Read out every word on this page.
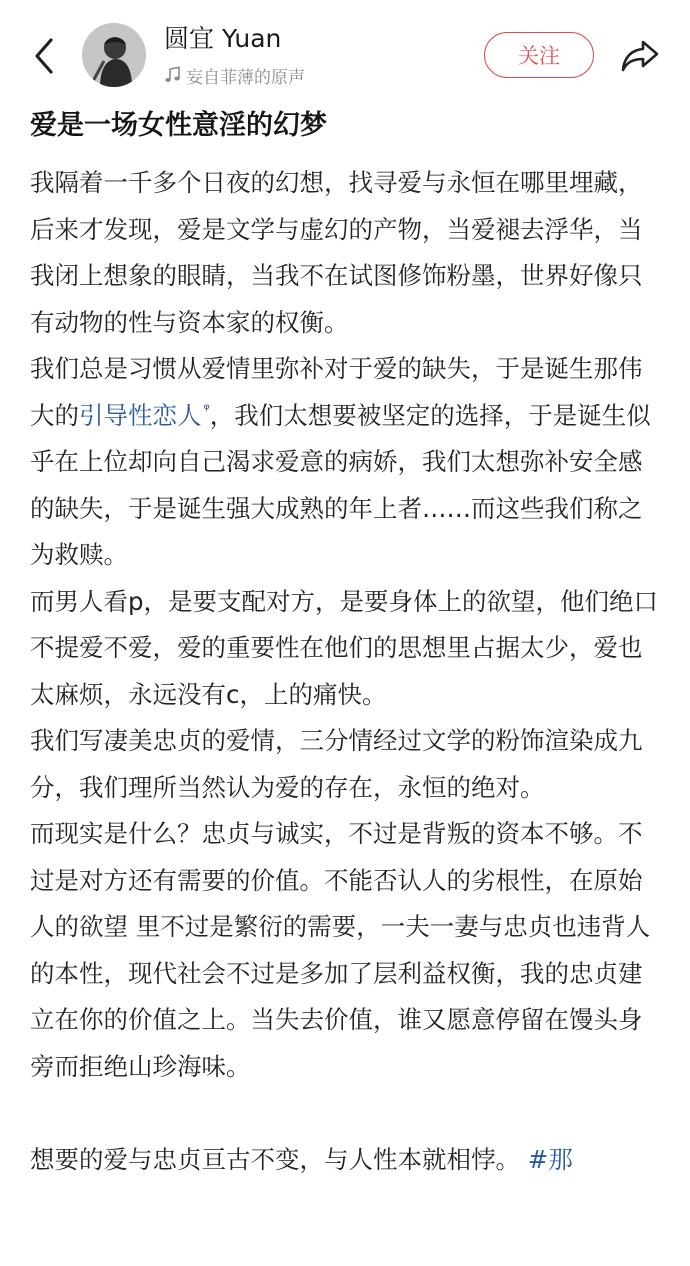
圆宜 Yuan
妄自菲薄的原声
关注
爱是一场女性意淫的幻梦

我隔着一千多个日夜的幻想，找寻爱与永恒在哪里埋藏，后来才发现，爱是文学与虚幻的产物，当爱褪去浮华，当我闭上想象的眼睛，当我不在试图修饰粉墨，世界好像只有动物的性与资本家的权衡。

我们总是习惯从爱情里弥补对于爱的缺失，于是诞生那伟大的引导性恋人 $^ᵠ$，我们太想要被坚定的选择，于是诞生似乎在上位却向自己渴求爱意的病娇，我们太想弥补安全感的缺失，于是诞生强大成熟的年上者……而这些我们称之为救赎。

而男人看p，是要支配对方，是要身体上的欲望，他们绝口不提爱不爱，爱的重要性在他们的思想里占据太少，爱也太麻烦，永远没有c，上的痛快。

我们写凄美忠贞的爱情，三分情经过文学的粉饰渲染成九分，我们理所当然认为爱的存在，永恒的绝对。

而现实是什么？忠贞与诚实，不过是背叛的资本不够。不过是对方还有需要的价值。不能否认人的劣根性，在原始人的欲望 里不过是繁衍的需要，一夫一妻与忠贞也违背人的本性，现代社会不过是多加了层利益权衡，我的忠贞建立在你的价值之上。当失去价值，谁又愿意停留在馒头身旁而拒绝山珍海味。

想要的爱与忠贞亘古不变，与人性本就相悖。 #那
